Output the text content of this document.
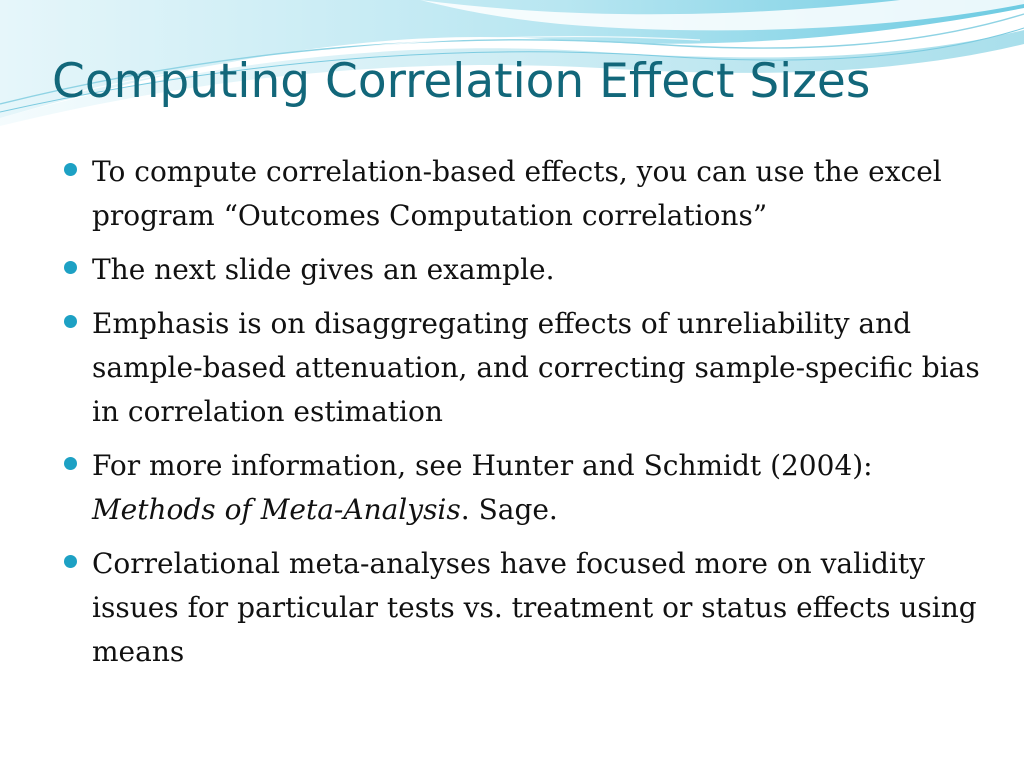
Computing Correlation Effect Sizes
To compute correlation-based effects, you can use the excel program “Outcomes Computation correlations”
The next slide gives an example.
Emphasis is on disaggregating effects of unreliability and sample-based attenuation, and correcting sample-specific bias in correlation estimation
For more information, see Hunter and Schmidt (2004): Methods of Meta-Analysis. Sage.
Correlational meta-analyses have focused more on validity issues for particular tests vs. treatment or status effects using means
